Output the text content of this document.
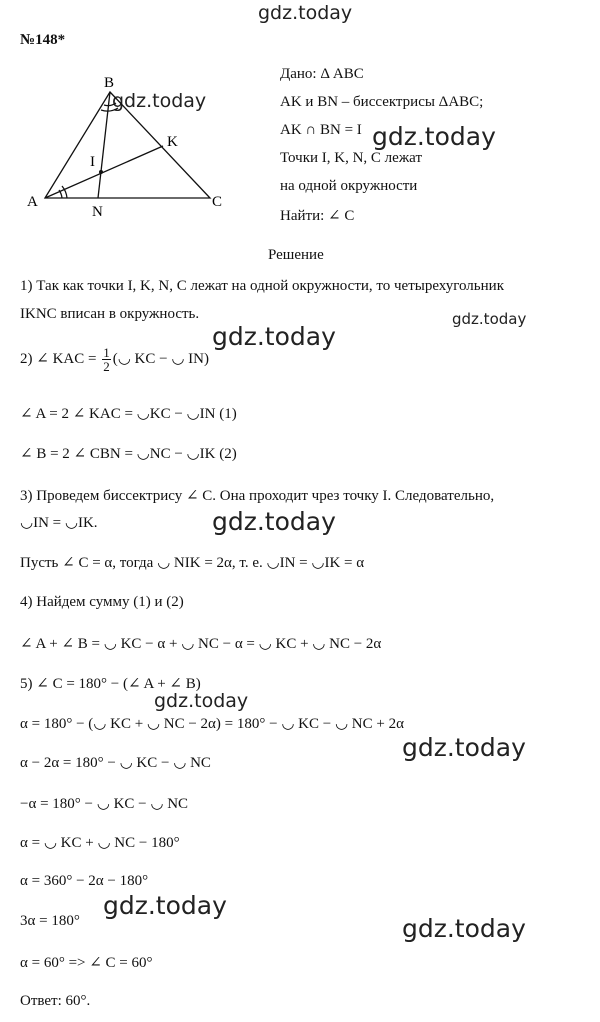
gdz.today
gdz.today
gdz.today
gdz.today
gdz.today
gdz.today
gdz.today
gdz.today
gdz.today
gdz.today
№148*
A
B
C
K
N
I
Дано: Δ ABC
AK и BN – биссектрисы ΔABC;
AK ∩ BN = I
Точки I, K, N, C лежат
на одной окружности
Найти: ∠ C
Решение
1) Так как точки I, K, N, C лежат на одной окружности, то четырехугольник
IKNC вписан в окружность.
2) ∠ KAC = $\frac{1}{2}$ (◡ KC − ◡ IN)
∠ A = 2 ∠ KAC = ◡KC − ◡IN (1)
∠ B = 2 ∠ CBN = ◡NC − ◡IK (2)
3) Проведем биссектрису ∠ C. Она проходит чрез точку I. Следовательно,
◡IN = ◡IK.
Пусть ∠ C = α, тогда ◡ NIK = 2α, т. е. ◡IN = ◡IK = α
4) Найдем сумму (1) и (2)
∠ A + ∠ B = ◡ KC − α + ◡ NC − α = ◡ KC + ◡ NC − 2α
5) ∠ C = 180° − (∠ A + ∠ B)
α = 180° − (◡ KC + ◡ NC − 2α) = 180° − ◡ KC − ◡ NC + 2α
α − 2α = 180° − ◡ KC − ◡ NC
−α = 180° − ◡ KC − ◡ NC
α = ◡ KC + ◡ NC − 180°
α = 360° − 2α − 180°
3α = 180°
α = 60° => ∠ C = 60°
Ответ: 60°.
